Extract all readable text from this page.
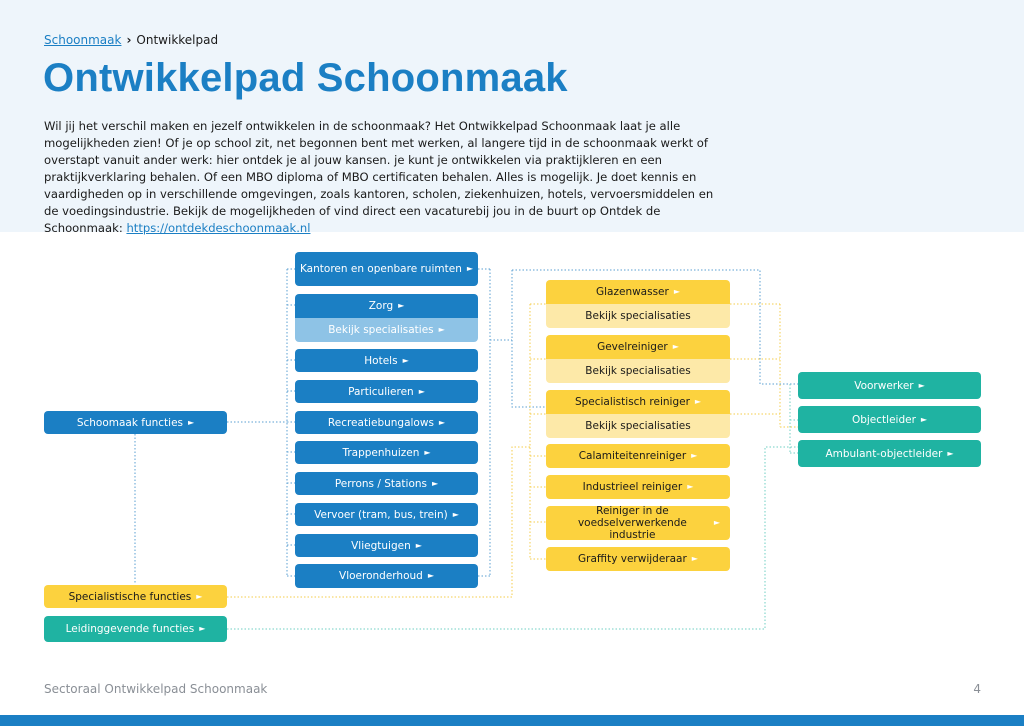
Schoonmaak › Ontwikkelpad
Ontwikkelpad Schoonmaak
Wil jij het verschil maken en jezelf ontwikkelen in de schoonmaak? Het Ontwikkelpad Schoonmaak laat je alle mogelijkheden zien! Of je op school zit, net begonnen bent met werken, al langere tijd in de schoonmaak werkt of overstapt vanuit ander werk: hier ontdek je al jouw kansen. je kunt je ontwikkelen via praktijkleren en een praktijkverklaring behalen. Of een MBO diploma of MBO certificaten behalen. Alles is mogelijk. Je doet kennis en vaardigheden op in verschillende omgevingen, zoals kantoren, scholen, ziekenhuizen, hotels, vervoersmiddelen en de voedingsindustrie. Bekijk de mogelijkheden of vind direct een vacaturebij jou in de buurt op Ontdek de Schoonmaak: https://ontdekdeschoonmaak.nl
Schoomaak functies ►
Specialistische functies ►
Leidinggevende functies ►
Kantoren en openbare ruimten ►
Zorg ►
Bekijk specialisaties ►
Hotels ►
Particulieren ►
Recreatiebungalows ►
Trappenhuizen ►
Perrons / Stations ►
Vervoer (tram, bus, trein) ►
Vliegtuigen ►
Vloeronderhoud ►
Glazenwasser ►
Bekijk specialisaties
Gevelreiniger ►
Bekijk specialisaties
Specialistisch reiniger ►
Bekijk specialisaties
Calamiteitenreiniger ►
Industrieel reiniger ►
Reiniger in de voedselverwerkende industrie
►
Graffity verwijderaar ►
Voorwerker ►
Objectleider ►
Ambulant-objectleider ►
Sectoraal Ontwikkelpad Schoonmaak	4
